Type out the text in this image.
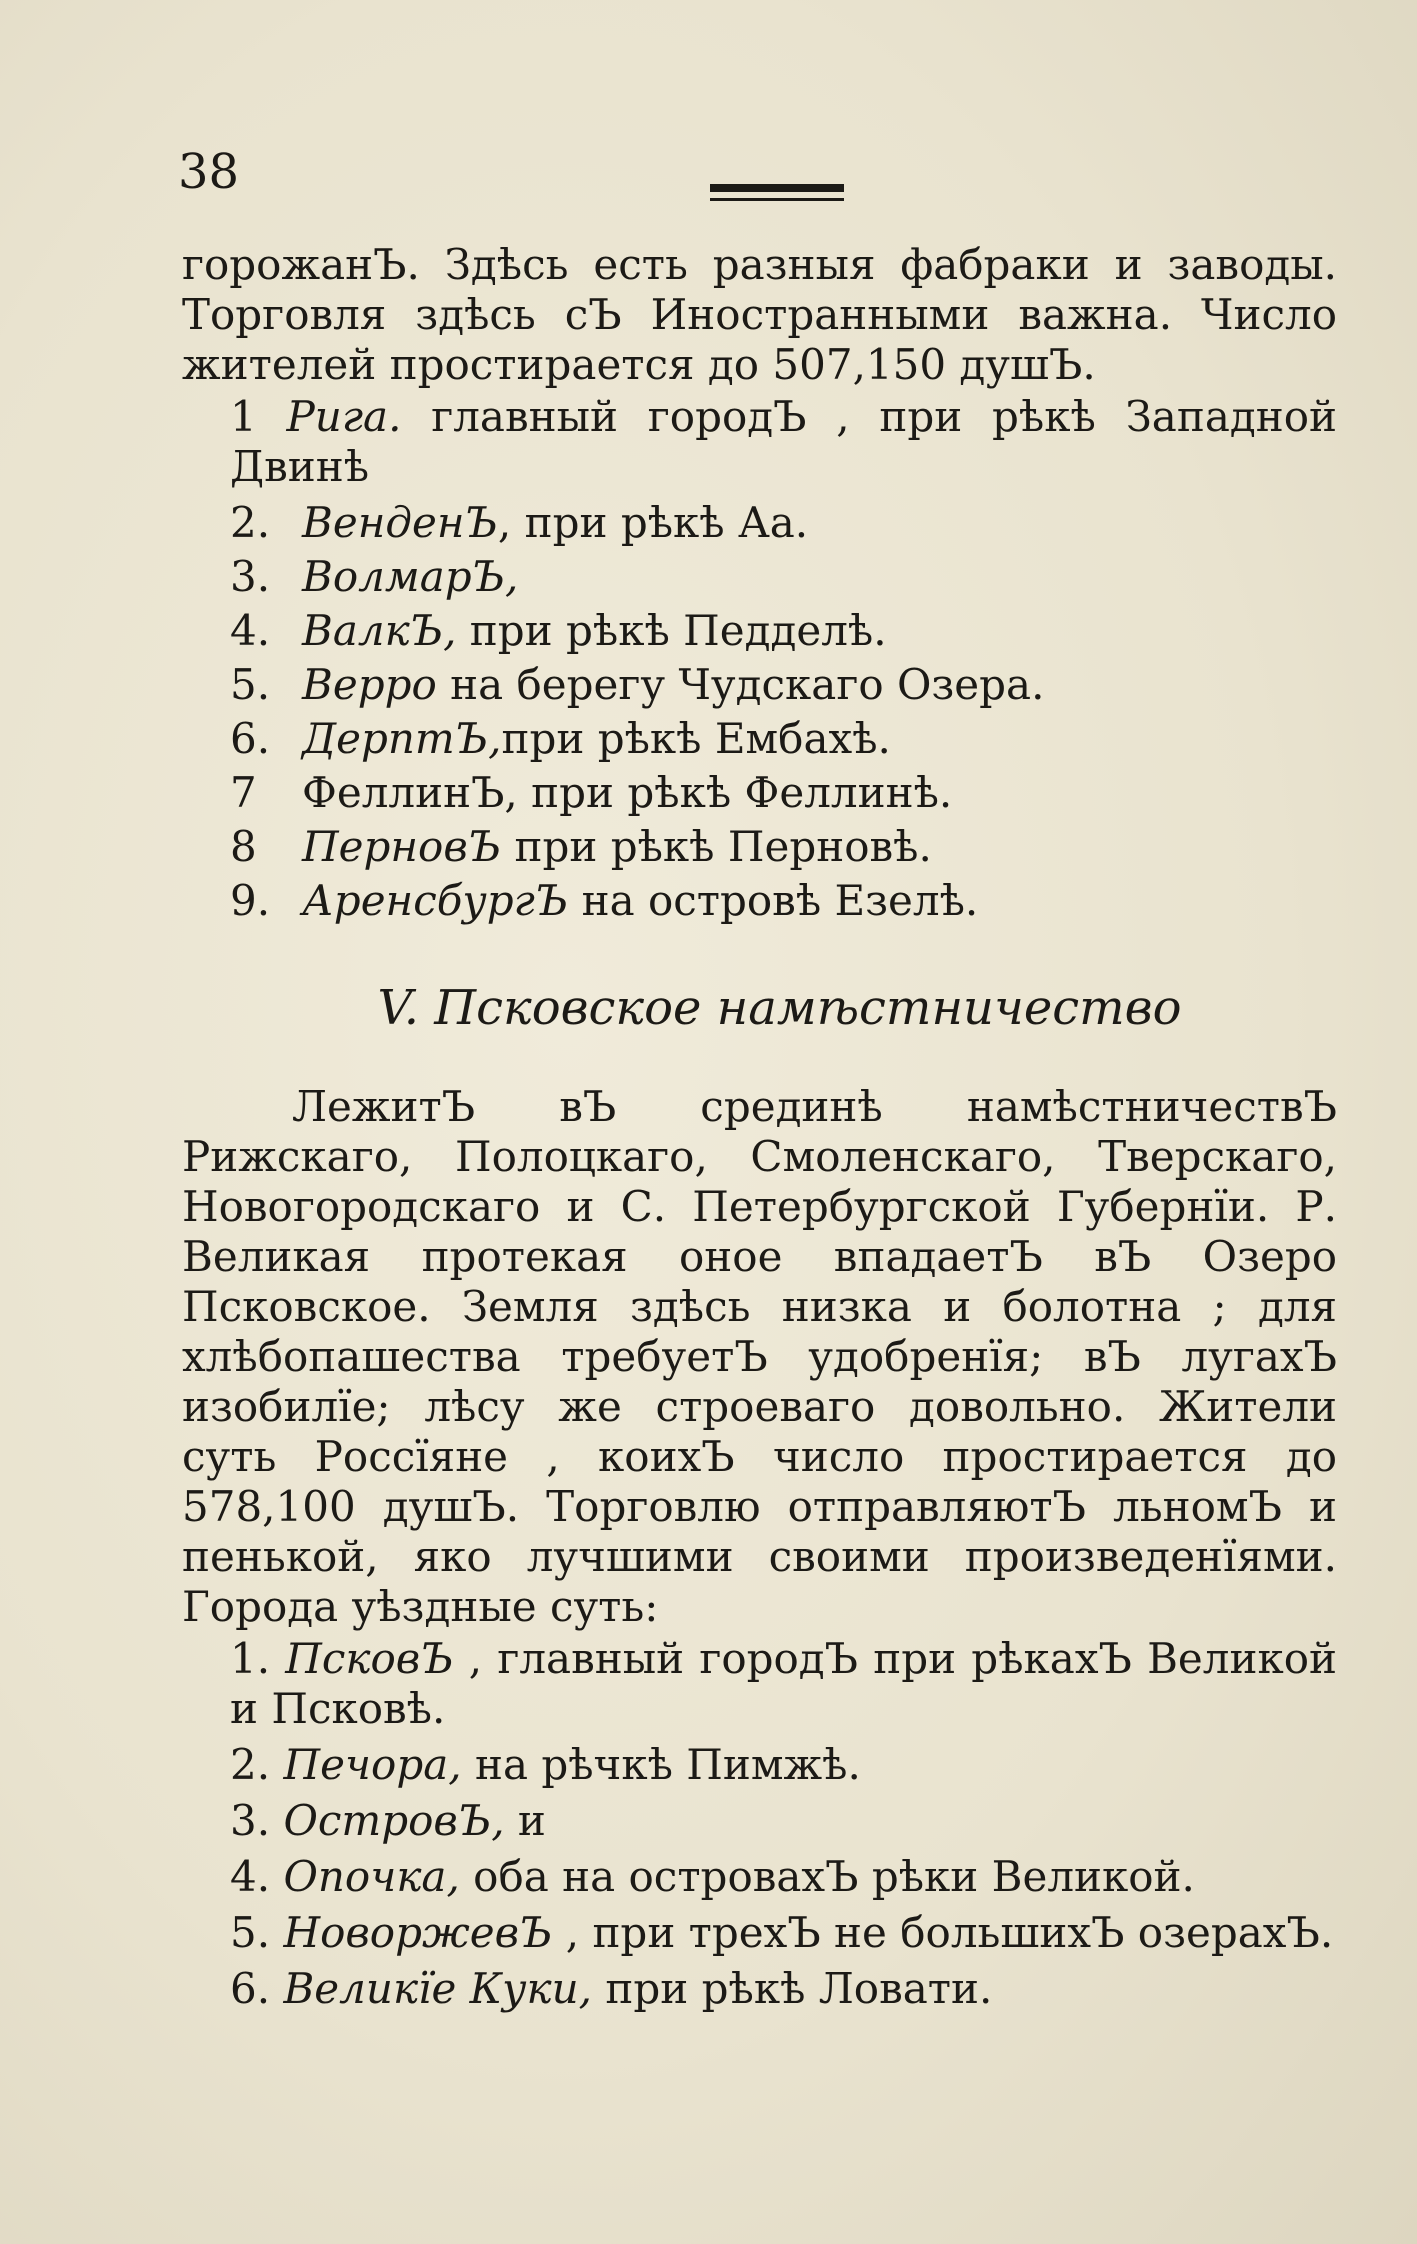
38

горожанЪ. Здѣсь есть разныя фабраки и заводы. Торговля здѣсь сЪ Иностранными важна. Число жителей простирается до 507,150 душЪ.

1 Рига. главный городЪ , при рѣкѣ Западной Двинѣ

2. ВенденЪ, при рѣкѣ Аа.

3. ВолмарЪ,

4. ВалкЪ, при рѣкѣ Педделѣ.

5. Верро на берегу Чудскаго Озера.

6. ДерптЪ,при рѣкѣ Ембахѣ.

7 ФеллинЪ, при рѣкѣ Феллинѣ.

8 ПерновЪ при рѣкѣ Перновѣ.

9. АренсбургЪ на островѣ Езелѣ.

V. Псковское намѣстничество

ЛежитЪ вЪ срединѣ намѣстничествЪ Рижскаго, Полоцкаго, Смоленскаго, Тверскаго, Новогородскаго и С. Петербургской Губернїи. Р. Великая протекая оное впадаетЪ вЪ Озеро Псковское. Земля здѣсь низка и болотна ; для хлѣбопашества требуетЪ удобренїя; вЪ лугахЪ изобилїе; лѣсу же строеваго довольно. Жители суть Россїяне , коихЪ число простирается до 578,100 душЪ. Торговлю отправляютЪ льномЪ и пенькой, яко лучшими своими произведенїями. Города уѣздные суть:

1. ПсковЪ , главный городЪ при рѣкахЪ Великой и Псковѣ.

2. Печора, на рѣчкѣ Пимжѣ.

3. ОстровЪ, и

4. Опочка, оба на островахЪ рѣки Великой.

5. НоворжевЪ , при трехЪ не большихЪ озерахЪ.

6. Великїе Куки, при рѣкѣ Ловати.
